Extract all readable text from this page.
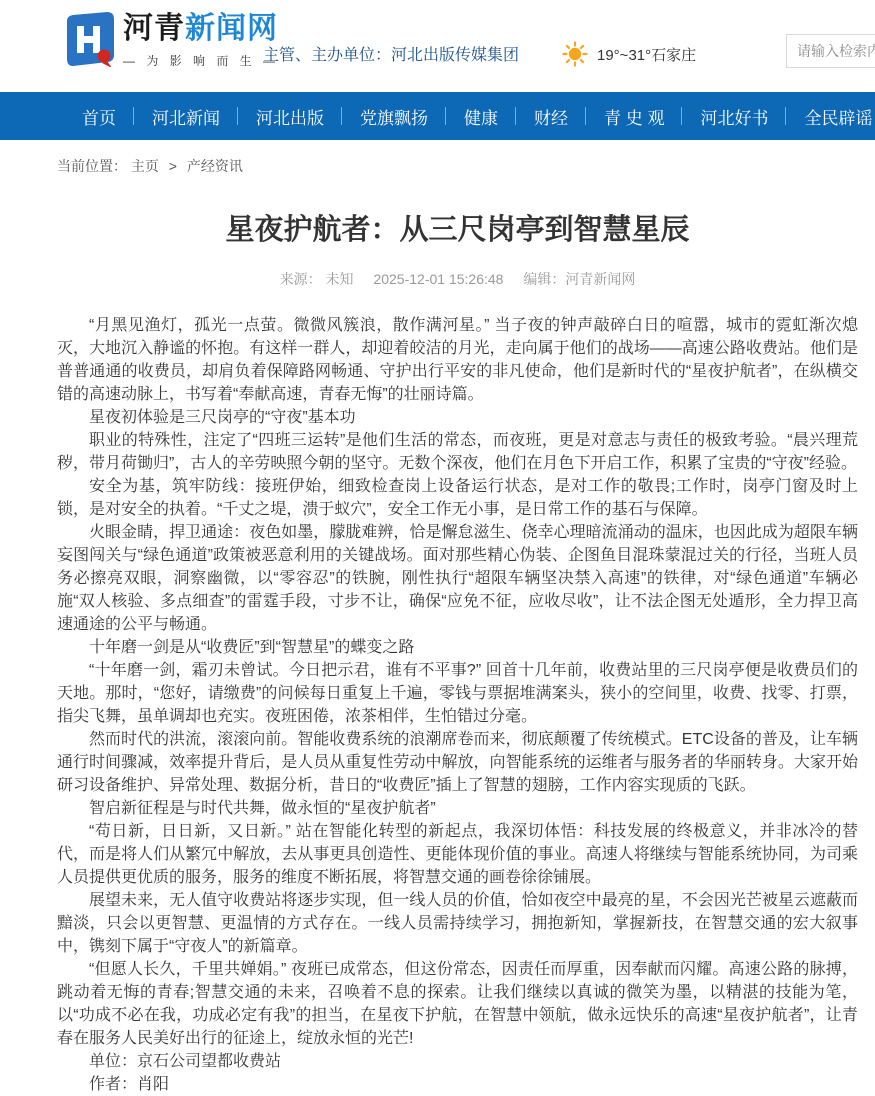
河青新闻网
— 为 影 响 而 生 —
主管、主办单位：河北出版传媒集团	19°~31°石家庄
请输入检索内容
首页	河北新闻	河北出版	党旗飘扬	健康	财经	青 史 观	河北好书	全民辟谣
当前位置： 主页 > 产经资讯
星夜护航者：从三尺岗亭到智慧星辰
来源： 未知 2025-12-01 15:26:48 编辑：河青新闻网

“月黑见渔灯，孤光一点萤。微微风簇浪，散作满河星。” 当子夜的钟声敲碎白日的喧嚣，城市的霓虹渐次熄灭，大地沉入静谧的怀抱。有这样一群人，却迎着皎洁的月光，走向属于他们的战场——高速公路收费站。他们是普普通通的收费员，却肩负着保障路网畅通、守护出行平安的非凡使命，他们是新时代的“星夜护航者”，在纵横交错的高速动脉上，书写着“奉献高速，青春无悔”的壮丽诗篇。

星夜初体验是三尺岗亭的“守夜”基本功

职业的特殊性，注定了“四班三运转”是他们生活的常态，而夜班，更是对意志与责任的极致考验。“晨兴理荒秽，带月荷锄归”，古人的辛劳映照今朝的坚守。无数个深夜，他们在月色下开启工作，积累了宝贵的“守夜”经验。

安全为基，筑牢防线：接班伊始，细致检查岗上设备运行状态，是对工作的敬畏;工作时，岗亭门窗及时上锁，是对安全的执着。“千丈之堤，溃于蚁穴”，安全工作无小事，是日常工作的基石与保障。

火眼金睛，捍卫通途：夜色如墨，朦胧难辨，恰是懈怠滋生、侥幸心理暗流涌动的温床，也因此成为超限车辆妄图闯关与“绿色通道”政策被恶意利用的关键战场。面对那些精心伪装、企图鱼目混珠蒙混过关的行径，当班人员务必擦亮双眼，洞察幽微，以“零容忍”的铁腕，刚性执行“超限车辆坚决禁入高速”的铁律，对“绿色通道”车辆必施“双人核验、多点细查”的雷霆手段，寸步不让，确保“应免不征，应收尽收”，让不法企图无处遁形，全力捍卫高速通途的公平与畅通。

十年磨一剑是从“收费匠”到“智慧星”的蝶变之路

“十年磨一剑，霜刃未曾试。今日把示君，谁有不平事?” 回首十几年前，收费站里的三尺岗亭便是收费员们的天地。那时，“您好，请缴费”的问候每日重复上千遍，零钱与票据堆满案头，狭小的空间里，收费、找零、打票，指尖飞舞，虽单调却也充实。夜班困倦，浓茶相伴，生怕错过分毫。

然而时代的洪流，滚滚向前。智能收费系统的浪潮席卷而来，彻底颠覆了传统模式。ETC设备的普及，让车辆通行时间骤减，效率提升背后，是人员从重复性劳动中解放，向智能系统的运维者与服务者的华丽转身。大家开始研习设备维护、异常处理、数据分析，昔日的“收费匠”插上了智慧的翅膀，工作内容实现质的飞跃。

智启新征程是与时代共舞，做永恒的“星夜护航者”

“苟日新，日日新，又日新。” 站在智能化转型的新起点，我深切体悟：科技发展的终极意义，并非冰冷的替代，而是将人们从繁冗中解放，去从事更具创造性、更能体现价值的事业。高速人将继续与智能系统协同，为司乘人员提供更优质的服务，服务的维度不断拓展，将智慧交通的画卷徐徐铺展。

展望未来，无人值守收费站将逐步实现，但一线人员的价值，恰如夜空中最亮的星，不会因光芒被星云遮蔽而黯淡，只会以更智慧、更温情的方式存在。一线人员需持续学习，拥抱新知，掌握新技，在智慧交通的宏大叙事中，镌刻下属于“守夜人”的新篇章。

“但愿人长久，千里共婵娟。” 夜班已成常态，但这份常态，因责任而厚重，因奉献而闪耀。高速公路的脉搏，跳动着无悔的青春;智慧交通的未来，召唤着不息的探索。让我们继续以真诚的微笑为墨，以精湛的技能为笔，以“功成不必在我，功成必定有我”的担当，在星夜下护航，在智慧中领航，做永远快乐的高速“星夜护航者”，让青春在服务人民美好出行的征途上，绽放永恒的光芒!

单位：京石公司望都收费站

作者：肖阳
